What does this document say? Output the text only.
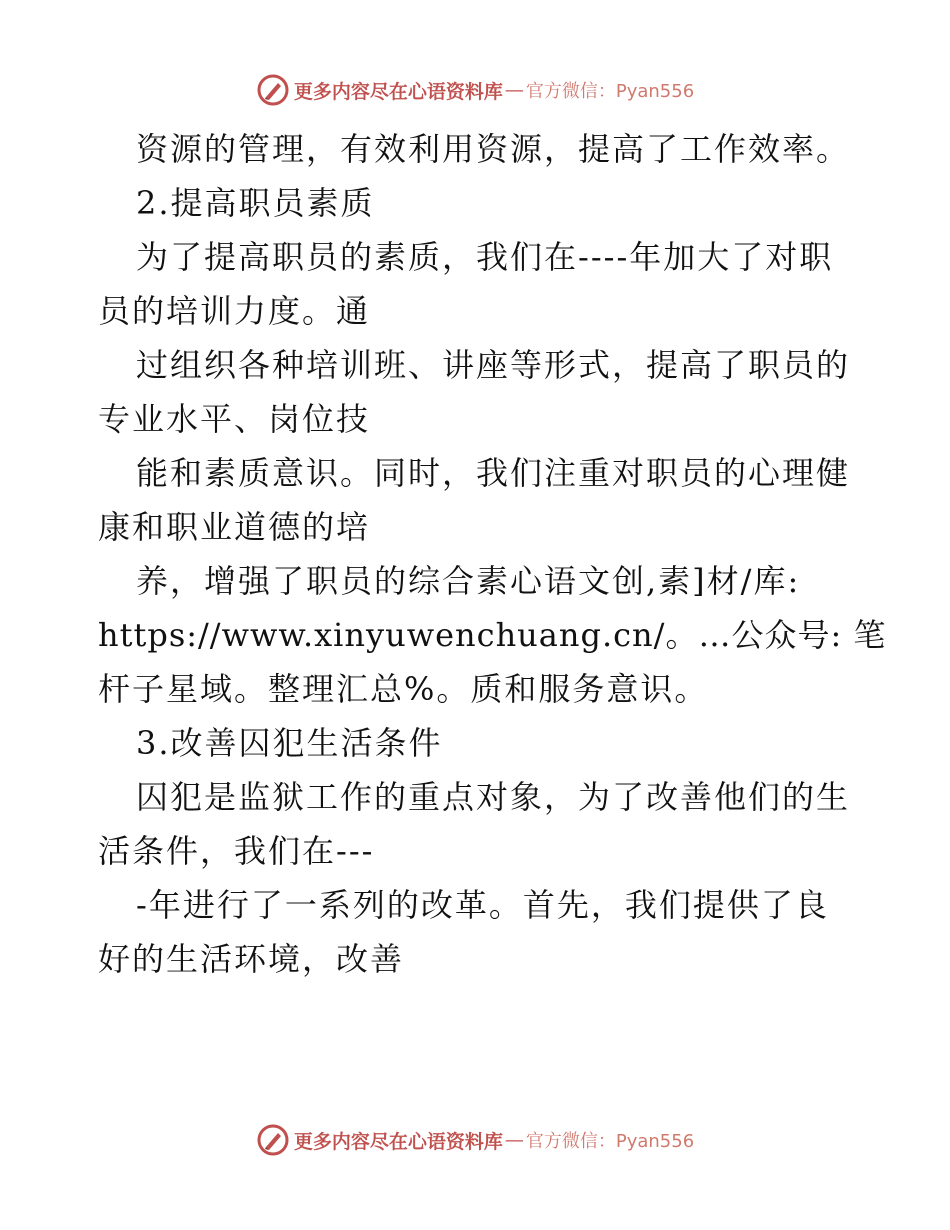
更多内容尽在心语资料库 — 官方微信：Pyan556
资源的管理，有效利用资源，提高了工作效率。
2.提高职员素质
为了提高职员的素质，我们在----年加大了对职
员的培训力度。通
过组织各种培训班、讲座等形式，提高了职员的
专业水平、岗位技
能和素质意识。同时，我们注重对职员的心理健
康和职业道德的培
养，增强了职员的综合素心语文创,素]材/库:
https://www.xinyuwenchuang.cn/。…公众号: 笔
杆子星域。整理汇总%。质和服务意识。
3.改善囚犯生活条件
囚犯是监狱工作的重点对象，为了改善他们的生
活条件，我们在---
-年进行了一系列的改革。首先，我们提供了良
好的生活环境，改善
更多内容尽在心语资料库 — 官方微信：Pyan556
